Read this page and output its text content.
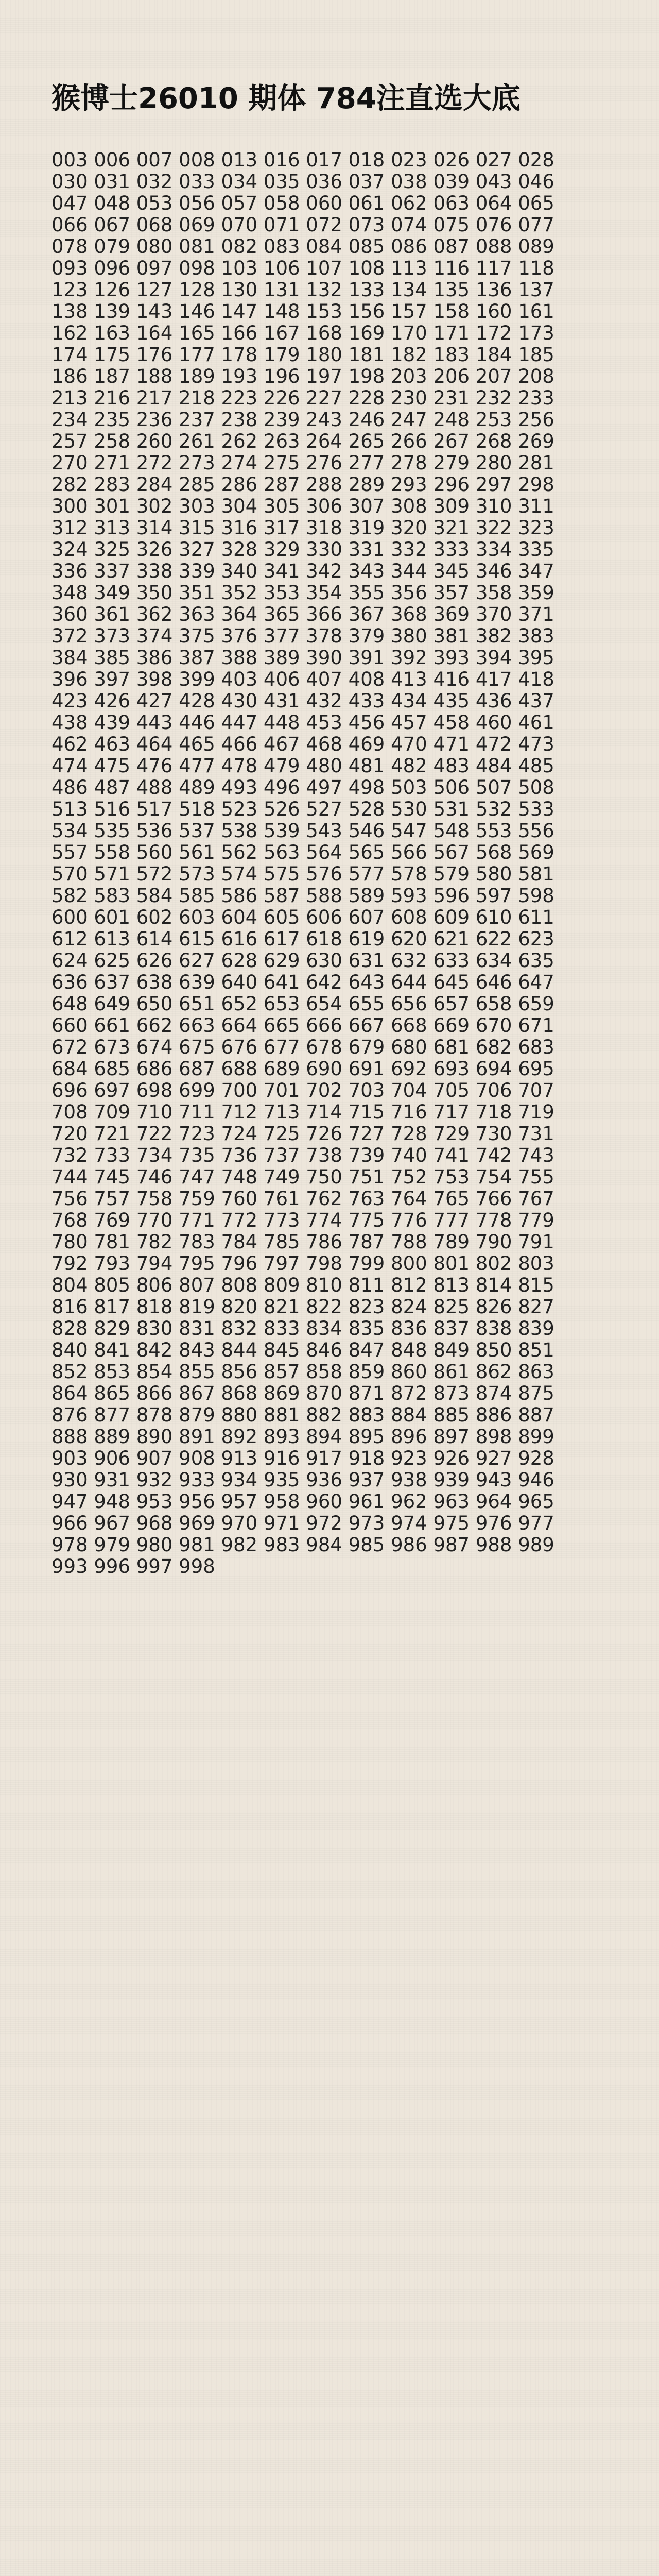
猴博士26010 期体 784注直选大底
003 006 007 008 013 016 017 018 023 026 027 028
030 031 032 033 034 035 036 037 038 039 043 046
047 048 053 056 057 058 060 061 062 063 064 065
066 067 068 069 070 071 072 073 074 075 076 077
078 079 080 081 082 083 084 085 086 087 088 089
093 096 097 098 103 106 107 108 113 116 117 118
123 126 127 128 130 131 132 133 134 135 136 137
138 139 143 146 147 148 153 156 157 158 160 161
162 163 164 165 166 167 168 169 170 171 172 173
174 175 176 177 178 179 180 181 182 183 184 185
186 187 188 189 193 196 197 198 203 206 207 208
213 216 217 218 223 226 227 228 230 231 232 233
234 235 236 237 238 239 243 246 247 248 253 256
257 258 260 261 262 263 264 265 266 267 268 269
270 271 272 273 274 275 276 277 278 279 280 281
282 283 284 285 286 287 288 289 293 296 297 298
300 301 302 303 304 305 306 307 308 309 310 311
312 313 314 315 316 317 318 319 320 321 322 323
324 325 326 327 328 329 330 331 332 333 334 335
336 337 338 339 340 341 342 343 344 345 346 347
348 349 350 351 352 353 354 355 356 357 358 359
360 361 362 363 364 365 366 367 368 369 370 371
372 373 374 375 376 377 378 379 380 381 382 383
384 385 386 387 388 389 390 391 392 393 394 395
396 397 398 399 403 406 407 408 413 416 417 418
423 426 427 428 430 431 432 433 434 435 436 437
438 439 443 446 447 448 453 456 457 458 460 461
462 463 464 465 466 467 468 469 470 471 472 473
474 475 476 477 478 479 480 481 482 483 484 485
486 487 488 489 493 496 497 498 503 506 507 508
513 516 517 518 523 526 527 528 530 531 532 533
534 535 536 537 538 539 543 546 547 548 553 556
557 558 560 561 562 563 564 565 566 567 568 569
570 571 572 573 574 575 576 577 578 579 580 581
582 583 584 585 586 587 588 589 593 596 597 598
600 601 602 603 604 605 606 607 608 609 610 611
612 613 614 615 616 617 618 619 620 621 622 623
624 625 626 627 628 629 630 631 632 633 634 635
636 637 638 639 640 641 642 643 644 645 646 647
648 649 650 651 652 653 654 655 656 657 658 659
660 661 662 663 664 665 666 667 668 669 670 671
672 673 674 675 676 677 678 679 680 681 682 683
684 685 686 687 688 689 690 691 692 693 694 695
696 697 698 699 700 701 702 703 704 705 706 707
708 709 710 711 712 713 714 715 716 717 718 719
720 721 722 723 724 725 726 727 728 729 730 731
732 733 734 735 736 737 738 739 740 741 742 743
744 745 746 747 748 749 750 751 752 753 754 755
756 757 758 759 760 761 762 763 764 765 766 767
768 769 770 771 772 773 774 775 776 777 778 779
780 781 782 783 784 785 786 787 788 789 790 791
792 793 794 795 796 797 798 799 800 801 802 803
804 805 806 807 808 809 810 811 812 813 814 815
816 817 818 819 820 821 822 823 824 825 826 827
828 829 830 831 832 833 834 835 836 837 838 839
840 841 842 843 844 845 846 847 848 849 850 851
852 853 854 855 856 857 858 859 860 861 862 863
864 865 866 867 868 869 870 871 872 873 874 875
876 877 878 879 880 881 882 883 884 885 886 887
888 889 890 891 892 893 894 895 896 897 898 899
903 906 907 908 913 916 917 918 923 926 927 928
930 931 932 933 934 935 936 937 938 939 943 946
947 948 953 956 957 958 960 961 962 963 964 965
966 967 968 969 970 971 972 973 974 975 976 977
978 979 980 981 982 983 984 985 986 987 988 989
993 996 997 998
